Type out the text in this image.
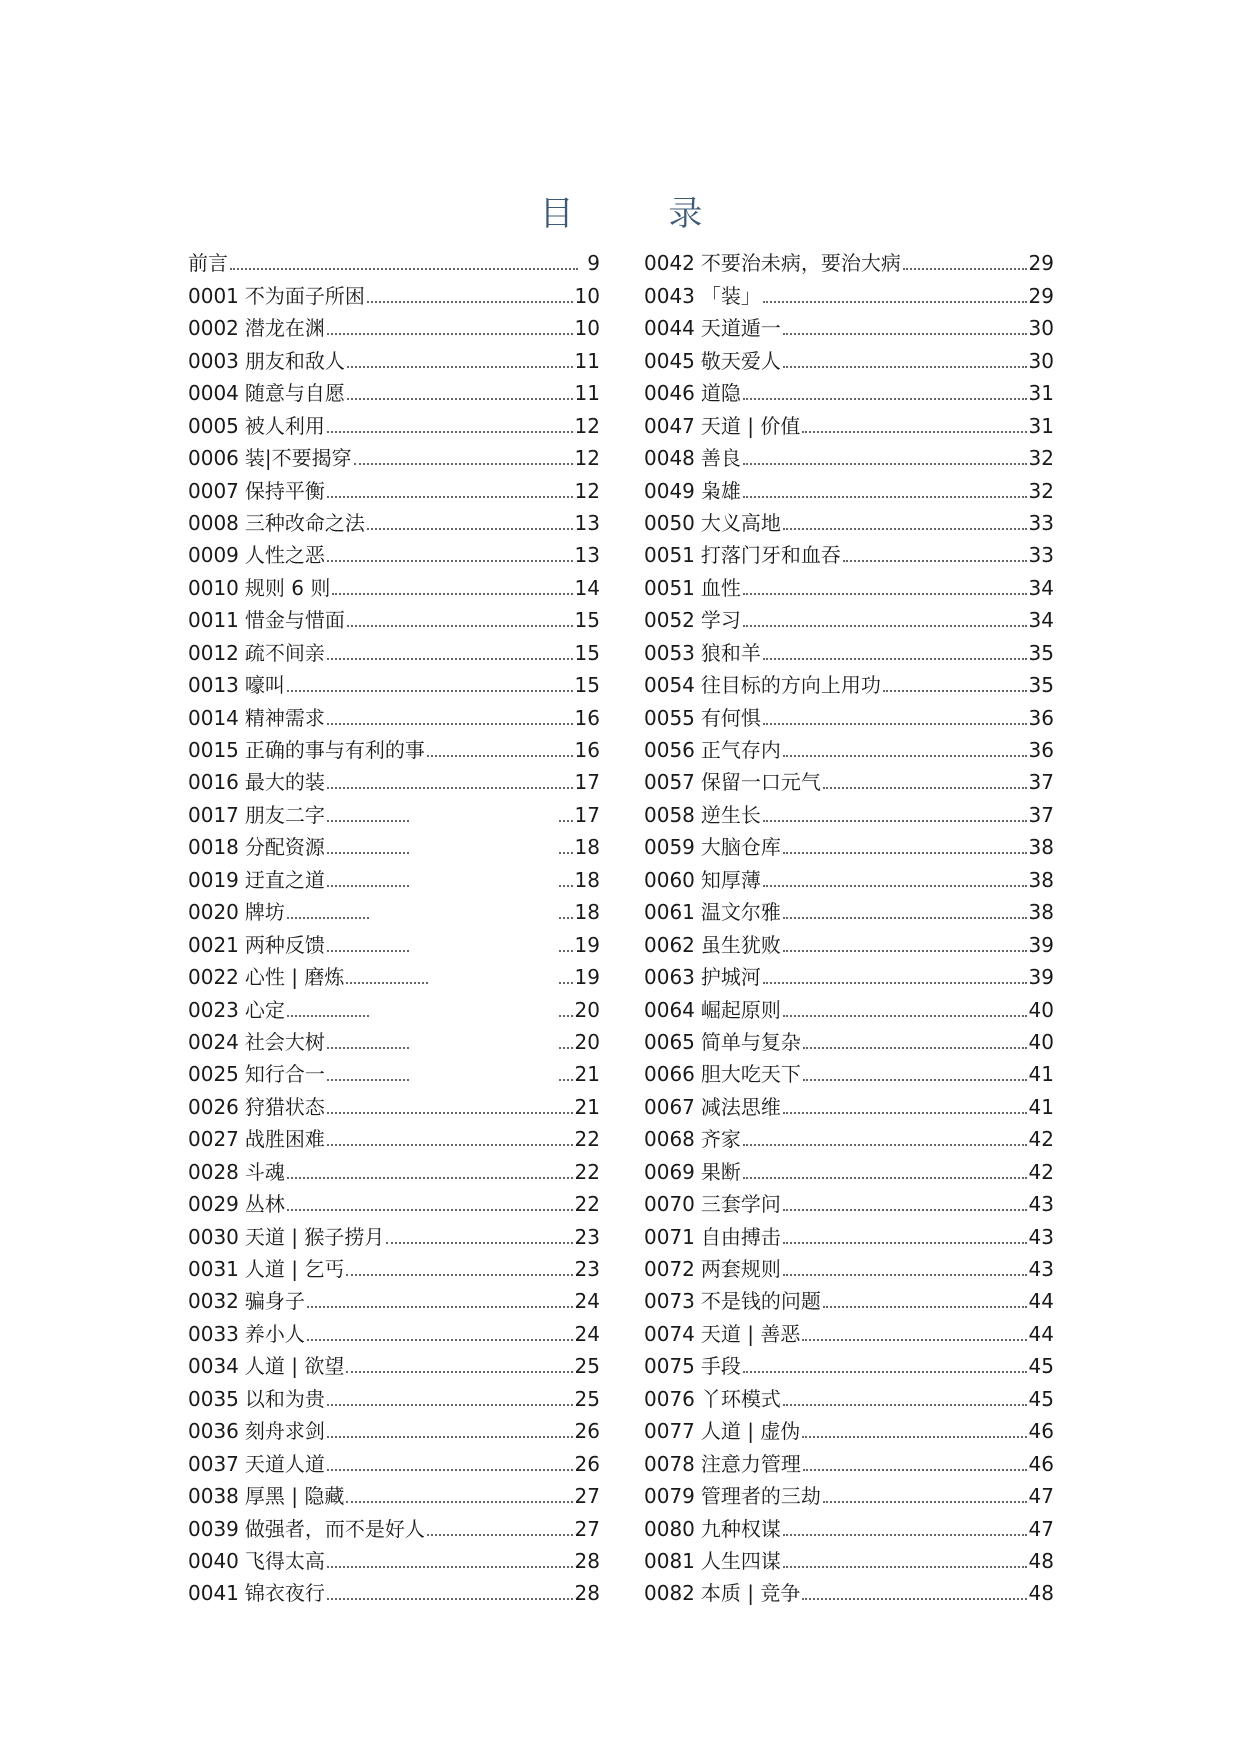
目 录
前言	9
0001 不为面子所困	10
0002 潜龙在渊	10
0003 朋友和敌人	11
0004 随意与自愿	11
0005 被人利用	12
0006 装|不要揭穿	12
0007 保持平衡	12
0008 三种改命之法	13
0009 人性之恶	13
0010 规则 6 则	14
0011 惜金与惜面	15
0012 疏不间亲	15
0013 嚎叫	15
0014 精神需求	16
0015 正确的事与有利的事	16
0016 最大的装	17
0017 朋友二字	17
0018 分配资源	18
0019 迂直之道	18
0020 牌坊	18
0021 两种反馈	19
0022 心性 | 磨炼	19
0023 心定	20
0024 社会大树	20
0025 知行合一	21
0026 狩猎状态	21
0027 战胜困难	22
0028 斗魂	22
0029 丛林	22
0030 天道 | 猴子捞月	23
0031 人道 | 乞丐	23
0032 骗身子	24
0033 养小人	24
0034 人道 | 欲望	25
0035 以和为贵	25
0036 刻舟求剑	26
0037 天道人道	26
0038 厚黑 | 隐藏	27
0039 做强者，而不是好人	27
0040 飞得太高	28
0041 锦衣夜行	28
0042 不要治未病，要治大病	29
0043 「装」	29
0044 天道遁一	30
0045 敬天爱人	30
0046 道隐	31
0047 天道 | 价值	31
0048 善良	32
0049 枭雄	32
0050 大义高地	33
0051 打落门牙和血吞	33
0051 血性	34
0052 学习	34
0053 狼和羊	35
0054 往目标的方向上用功	35
0055 有何惧	36
0056 正气存内	36
0057 保留一口元气	37
0058 逆生长	37
0059 大脑仓库	38
0060 知厚薄	38
0061 温文尔雅	38
0062 虽生犹败	39
0063 护城河	39
0064 崛起原则	40
0065 简单与复杂	40
0066 胆大吃天下	41
0067 减法思维	41
0068 齐家	42
0069 果断	42
0070 三套学问	43
0071 自由搏击	43
0072 两套规则	43
0073 不是钱的问题	44
0074 天道 | 善恶	44
0075 手段	45
0076 丫环模式	45
0077 人道 | 虚伪	46
0078 注意力管理	46
0079 管理者的三劫	47
0080 九种权谋	47
0081 人生四谋	48
0082 本质 | 竞争	48
